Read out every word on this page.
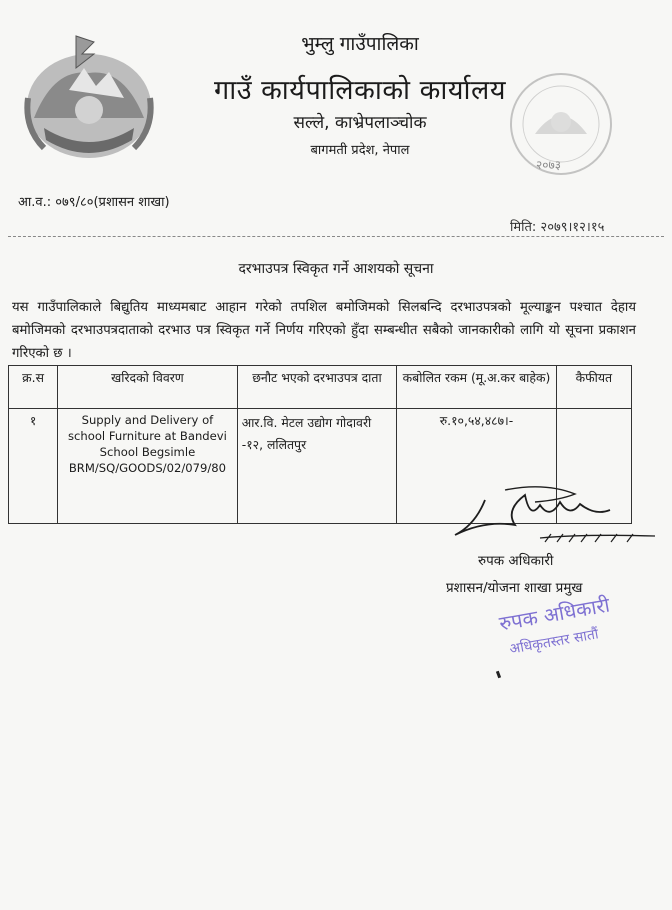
भुम्लु गाउँपालिका
गाउँ कार्यपालिकाको कार्यालय
सल्ले, काभ्रेपलाञ्चोक
बागमती प्रदेश, नेपाल
२०७३
आ.व.: ०७९/८०(प्रशासन शाखा)
मिति: २०७९।१२।१५
दरभाउपत्र स्विकृत गर्ने आशयको सूचना
यस गाउँपालिकाले बिद्युतिय माध्यमबाट आहान गरेको तपशिल बमोजिमको सिलबन्दि दरभाउपत्रको मूल्याङ्कन पश्चात देहाय बमोजिमको दरभाउपत्रदाताको दरभाउ पत्र स्विकृत गर्ने निर्णय गरिएको हुँदा सम्बन्धीत सबैको जानकारीको लागि यो सूचना प्रकाशन गरिएको छ ।
क्र.स	खरिदको विवरण	छनौट भएको दरभाउपत्र दाता	कबोलित रकम (मू.अ.कर बाहेक)	कैफीयत
१	Supply and Delivery of school Furniture at Bandevi School Begsimle BRM/SQ/GOODS/02/079/80	आर.वि. मेटल उद्योग गोदावरी -१२, ललितपुर	रु.१०,५४,४८७।-	
रुपक अधिकारी
प्रशासन/योजना शाखा प्रमुख
रुपक अधिकारी
अधिकृतस्तर सातौं
